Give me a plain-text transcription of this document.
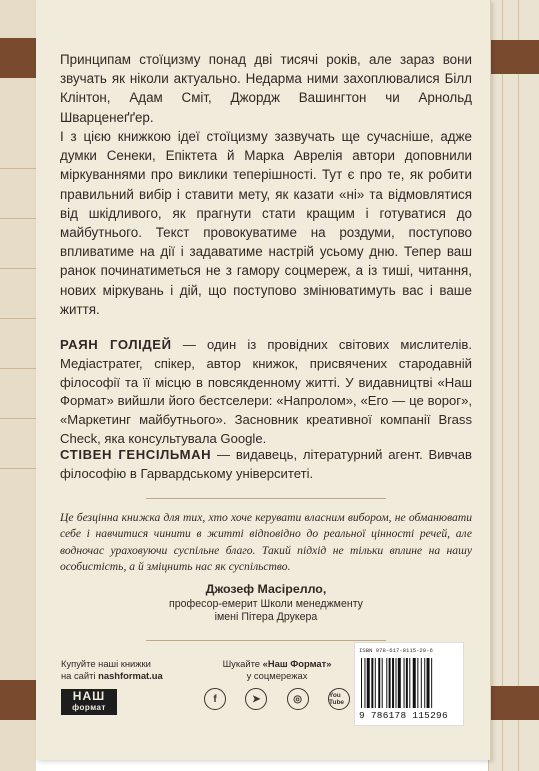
Принципам стоїцизму понад дві тисячі років, але зараз вони звучать як ніколи актуально. Недарма ними захоплювалися Білл Клінтон, Адам Сміт, Джордж Вашингтон чи Арнольд Шварценеґґер.

І з цією книжкою ідеї стоїцизму зазвучать ще сучасніше, адже думки Сенеки, Епіктета й Марка Аврелія автори доповнили міркуваннями про виклики теперішності. Тут є про те, як робити правильний вибір і ставити мету, як казати «ні» та відмовлятися від шкідливого, як прагнути стати кращим і готуватися до майбутнього. Текст провокуватиме на роздуми, поступово впливатиме на дії і задаватиме настрій усьому дню. Тепер ваш ранок починатиметься не з гамору соцмереж, а із тиші, читання, нових міркувань і дій, що поступово змінюватимуть вас і ваше життя.

РАЯН ГОЛІДЕЙ — один із провідних світових мислителів. Медіастратег, спікер, автор книжок, присвячених стародавній філософії та її місцю в повсякденному житті. У видавництві «Наш Формат» вийшли його бестселери: «Напролом», «Его — це ворог», «Маркетинг майбутнього». Засновник креативної компанії Brass Check, яка консультувала Google.

СТІВЕН ГЕНСІЛЬМАН — видавець, літературний агент. Вивчав філософію в Гарвардському університеті.

Це безцінна книжка для тих, хто хоче керувати власним вибором, не обманювати себе і навчитися чинити в житті відповідно до реальної цінності речей, але водночас ураховуючи суспільне благо. Такий підхід не тільки вплине на нашу особистість, а й зміцнить нас як суспільство.

Джозеф Масірелло,
професор-емерит Школи менеджменту
імені Пітера Друкера
Купуйте наші книжки
на сайті nashformat.ua
НАШ
формат
Шукайте «Наш Формат»
у соцмережах
f	➤	◎	You Tube
ISBN 978-617-8115-29-6
9 786178 115296
